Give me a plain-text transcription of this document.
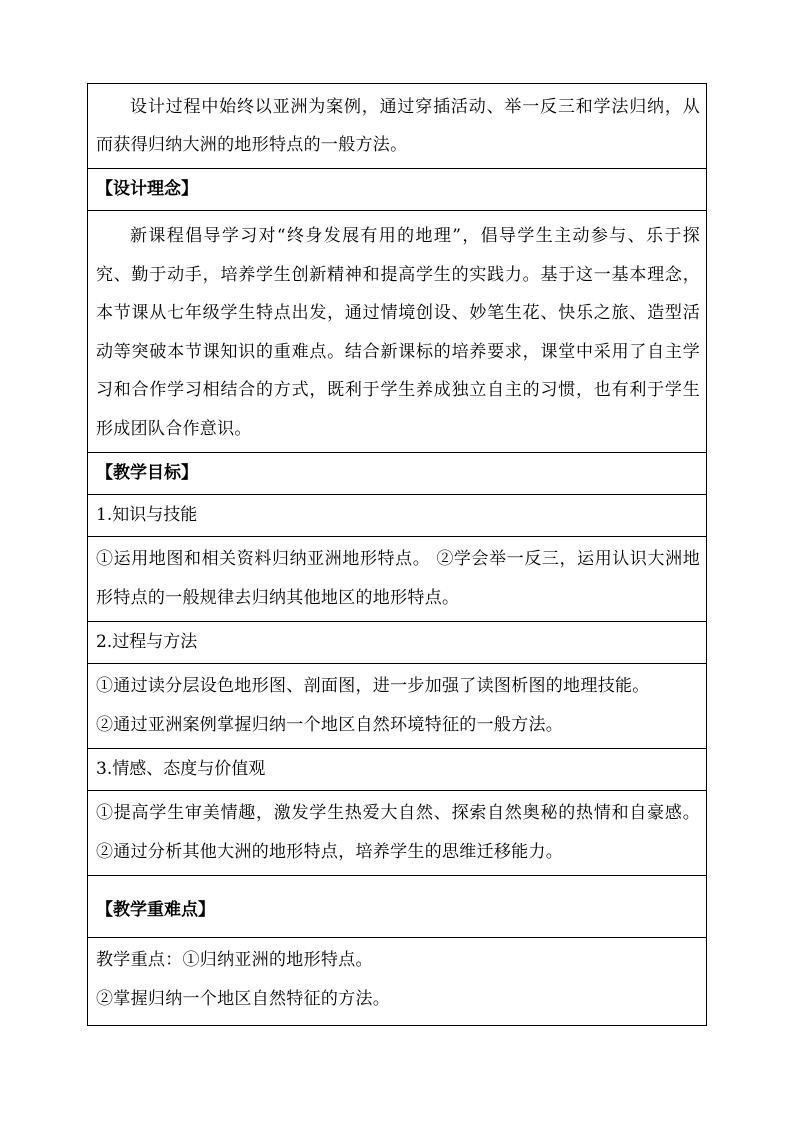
设计过程中始终以亚洲为案例，通过穿插活动、举一反三和学法归纳，从而获得归纳大洲的地形特点的一般方法。

【设计理念】

新课程倡导学习对“终身发展有用的地理”，倡导学生主动参与、乐于探究、勤于动手，培养学生创新精神和提高学生的实践力。基于这一基本理念，本节课从七年级学生特点出发，通过情境创设、妙笔生花、快乐之旅、造型活动等突破本节课知识的重难点。结合新课标的培养要求，课堂中采用了自主学习和合作学习相结合的方式，既利于学生养成独立自主的习惯，也有利于学生形成团队合作意识。

【教学目标】
1.知识与技能

①运用地图和相关资料归纳亚洲地形特点。 ②学会举一反三，运用认识大洲地形特点的一般规律去归纳其他地区的地形特点。

2.过程与方法

①通过读分层设色地形图、剖面图，进一步加强了读图析图的地理技能。

②通过亚洲案例掌握归纳一个地区自然环境特征的一般方法。

3.情感、态度与价值观

①提高学生审美情趣，激发学生热爱大自然、探索自然奥秘的热情和自豪感。②通过分析其他大洲的地形特点，培养学生的思维迁移能力。

【教学重难点】

教学重点：①归纳亚洲的地形特点。

②掌握归纳一个地区自然特征的方法。
